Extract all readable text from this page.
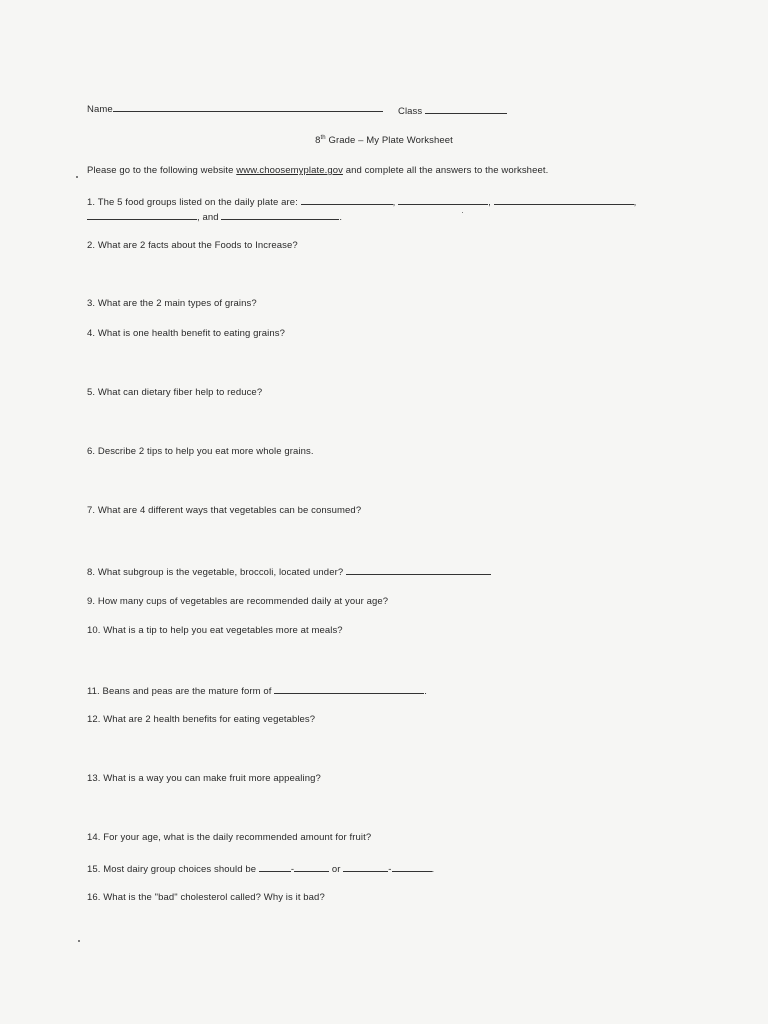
Name	Class
8th Grade – My Plate Worksheet
Please go to the following website www.choosemyplate.gov and complete all the answers to the worksheet.
1. The 5 food groups listed on the daily plate are:	,	,	,
, and	.
2. What are 2 facts about the Foods to Increase?
3. What are the 2 main types of grains?
4. What is one health benefit to eating grains?
5. What can dietary fiber help to reduce?
6. Describe 2 tips to help you eat more whole grains.
7. What are 4 different ways that vegetables can be consumed?
8. What subgroup is the vegetable, broccoli, located under?
9. How many cups of vegetables are recommended daily at your age?
10. What is a tip to help you eat vegetables more at meals?
11. Beans and peas are the mature form of	.
12. What are 2 health benefits for eating vegetables?
13. What is a way you can make fruit more appealing?
14. For your age, what is the daily recommended amount for fruit?
15. Most dairy group choices should be	-	or	-	.
16. What is the "bad" cholesterol called? Why is it bad?
